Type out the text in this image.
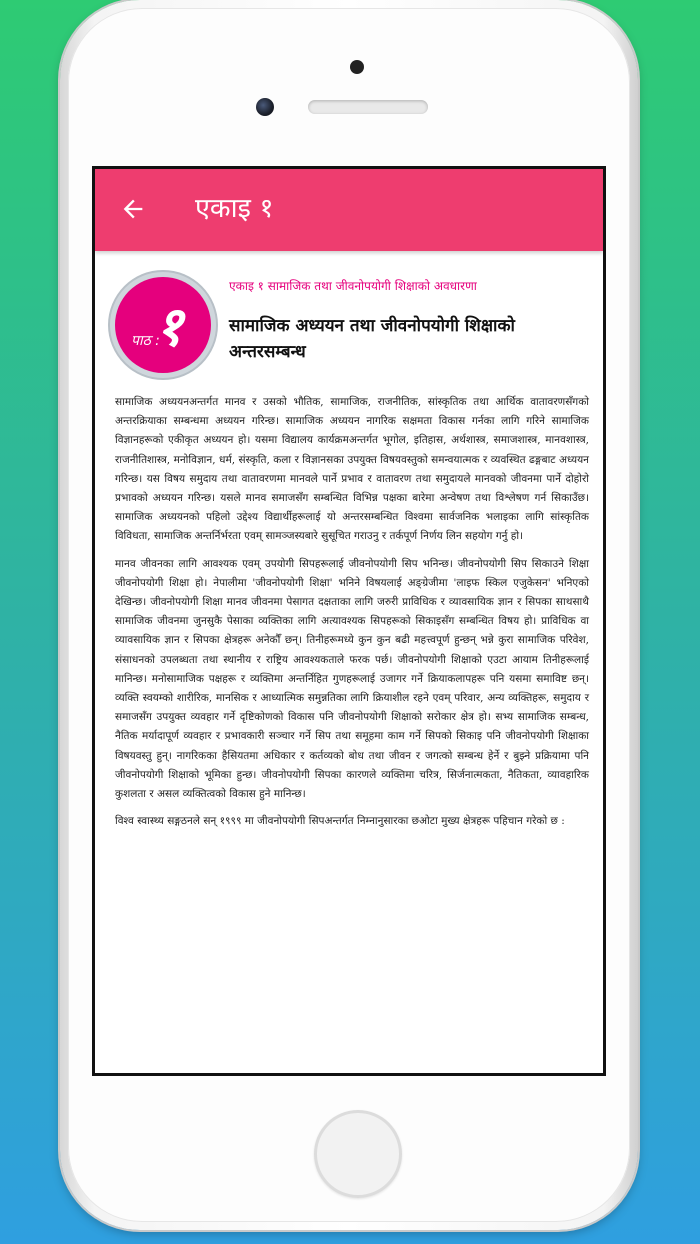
एकाइ १
पाठ :
१
एकाइ १ सामाजिक तथा जीवनोपयोगी शिक्षाको अवधारणा
सामाजिक अध्ययन तथा जीवनोपयोगी शिक्षाको अन्तरसम्बन्ध

सामाजिक अध्ययनअन्तर्गत मानव र उसको भौतिक, सामाजिक, राजनीतिक, सांस्कृतिक तथा आर्थिक वातावरणसँगको अन्तरक्रियाका सम्बन्धमा अध्ययन गरिन्छ। सामाजिक अध्ययन नागरिक सक्षमता विकास गर्नका लागि गरिने सामाजिक विज्ञानहरूको एकीकृत अध्ययन हो। यसमा विद्यालय कार्यक्रमअन्तर्गत भूगोल, इतिहास, अर्थशास्त्र, समाजशास्त्र, मानवशास्त्र, राजनीतिशास्त्र, मनोविज्ञान, धर्म, संस्कृति, कला र विज्ञानसका उपयुक्त विषयवस्तुको समन्वयात्मक र व्यवस्थित ढङ्गबाट अध्ययन गरिन्छ। यस विषय समुदाय तथा वातावरणमा मानवले पार्ने प्रभाव र वातावरण तथा समुदायले मानवको जीवनमा पार्ने दोहोरो प्रभावको अध्ययन गरिन्छ। यसले मानव समाजसँग सम्बन्धित विभिन्न पक्षका बारेमा अन्वेषण तथा विश्लेषण गर्न सिकाउँछ। सामाजिक अध्ययनको पहिलो उद्देश्य विद्यार्थीहरूलाई यो अन्तरसम्बन्धित विश्वमा सार्वजनिक भलाइका लागि सांस्कृतिक विविधता, सामाजिक अन्तर्निर्भरता एवम् सामञ्जस्यबारे सुसूचित गराउनु र तर्कपूर्ण निर्णय लिन सहयोग गर्नु हो।

मानव जीवनका लागि आवश्यक एवम् उपयोगी सिपहरूलाई जीवनोपयोगी सिप भनिन्छ। जीवनोपयोगी सिप सिकाउने शिक्षा जीवनोपयोगी शिक्षा हो। नेपालीमा 'जीवनोपयोगी शिक्षा' भनिने विषयलाई अङ्ग्रेजीमा 'लाइफ स्किल एजुकेसन' भनिएको देखिन्छ। जीवनोपयोगी शिक्षा मानव जीवनमा पेसागत दक्षताका लागि जरुरी प्राविधिक र व्यावसायिक ज्ञान र सिपका साथसाथै सामाजिक जीवनमा जुनसुकै पेसाका व्यक्तिका लागि अत्यावश्यक सिपहरूको सिकाइसँग सम्बन्धित विषय हो। प्राविधिक वा व्यावसायिक ज्ञान र सिपका क्षेत्रहरू अनेकौँ छन्। तिनीहरूमध्ये कुन कुन बढी महत्त्वपूर्ण हुन्छन् भन्ने कुरा सामाजिक परिवेश, संसाधनको उपलब्धता तथा स्थानीय र राष्ट्रिय आवश्यकताले फरक पर्छ। जीवनोपयोगी शिक्षाको एउटा आयाम तिनीहरूलाई मानिन्छ। मनोसामाजिक पक्षहरू र व्यक्तिमा अन्तर्निहित गुणहरूलाई उजागर गर्ने क्रियाकलापहरू पनि यसमा समाविष्ट छन्। व्यक्ति स्वयम्को शारीरिक, मानसिक र आध्यात्मिक समुन्नतिका लागि क्रियाशील रहने एवम् परिवार, अन्य व्यक्तिहरू, समुदाय र समाजसँग उपयुक्त व्यवहार गर्ने दृष्टिकोणको विकास पनि जीवनोपयोगी शिक्षाको सरोकार क्षेत्र हो। सभ्य सामाजिक सम्बन्ध, नैतिक मर्यादापूर्ण व्यवहार र प्रभावकारी सञ्चार गर्ने सिप तथा समूहमा काम गर्ने सिपको सिकाइ पनि जीवनोपयोगी शिक्षाका विषयवस्तु हुन्। नागरिकका हैसियतमा अधिकार र कर्तव्यको बोध तथा जीवन र जगत्को सम्बन्ध हेर्ने र बुझ्ने प्रक्रियामा पनि जीवनोपयोगी शिक्षाको भूमिका हुन्छ। जीवनोपयोगी सिपका कारणले व्यक्तिमा चरित्र, सिर्जनात्मकता, नैतिकता, व्यावहारिक कुशलता र असल व्यक्तित्वको विकास हुने मानिन्छ।

विश्व स्वास्थ्य सङ्गठनले सन् १९९९ मा जीवनोपयोगी सिपअन्तर्गत निम्नानुसारका छओटा मुख्य क्षेत्रहरू पहिचान गरेको छ :
